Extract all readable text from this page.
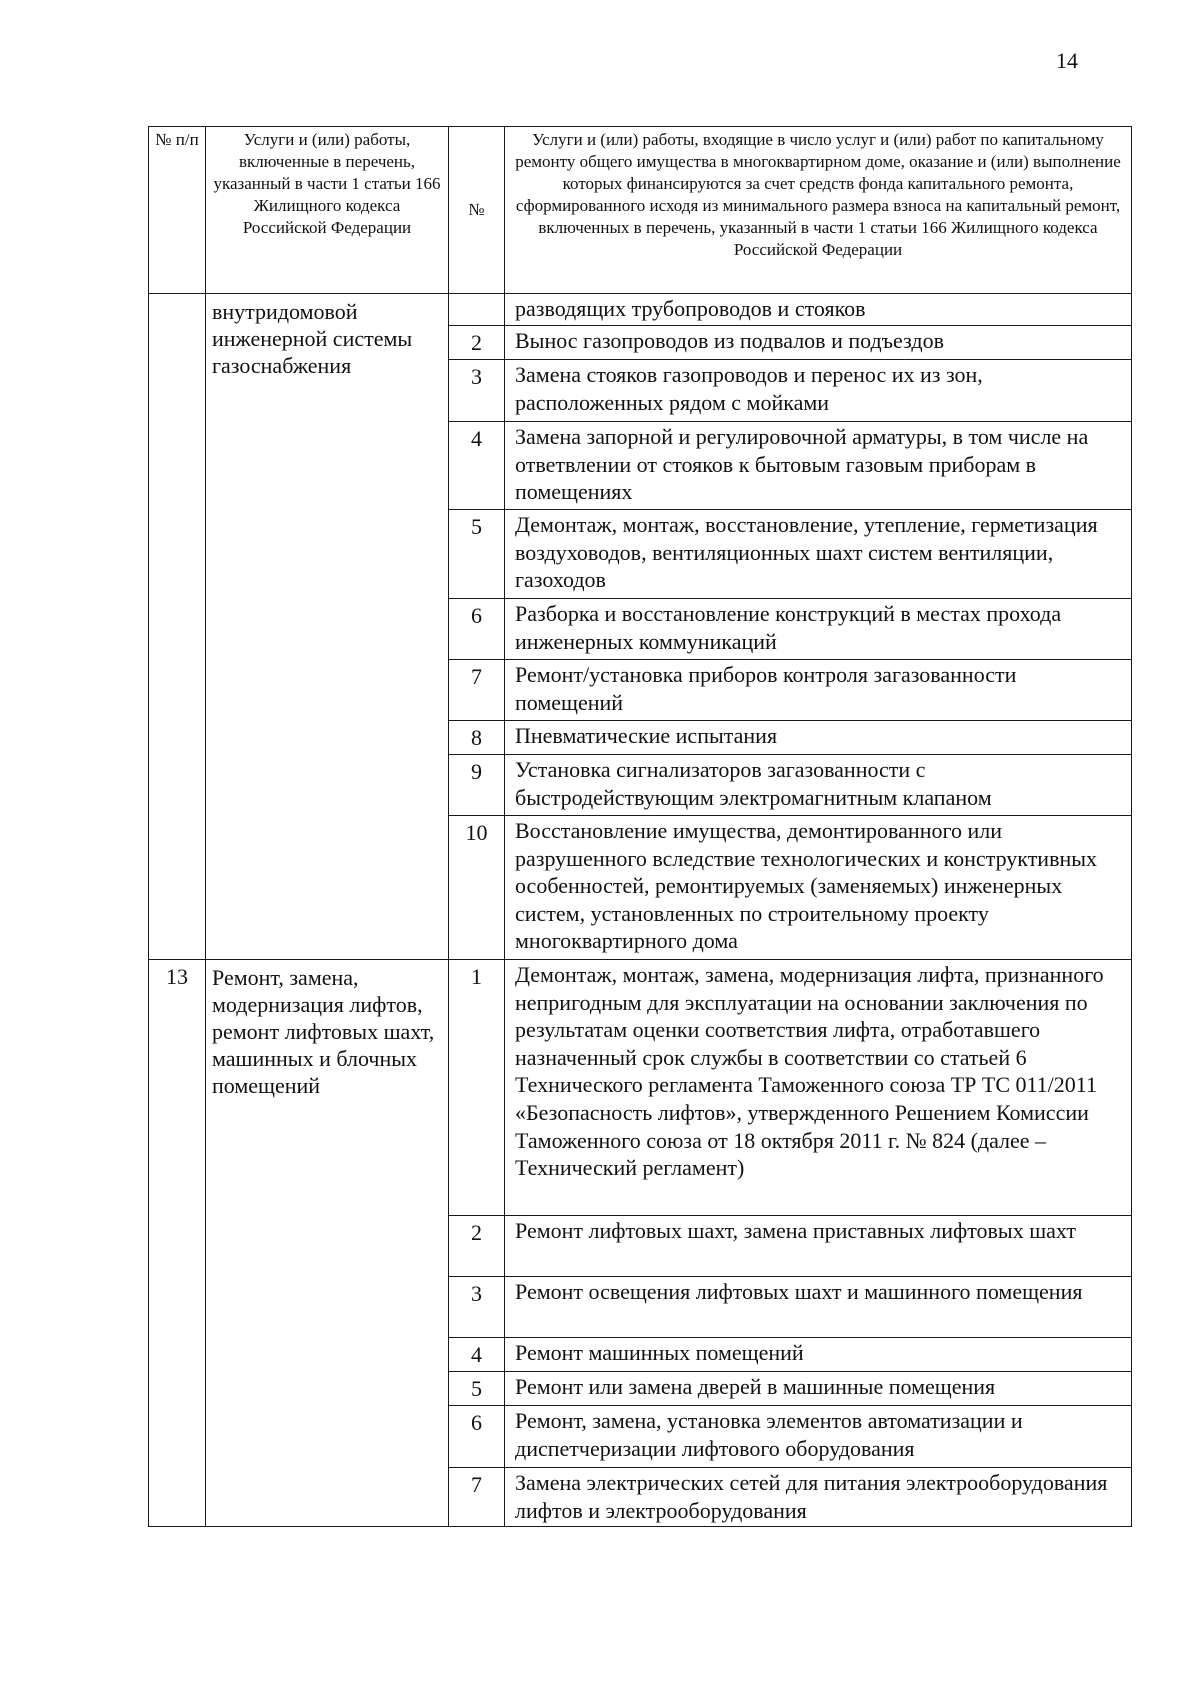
14
№ п/п	Услуги и (или) работы, включенные в перечень, указанный в части 1 статьи 166 Жилищного кодекса Российской Федерации	№	Услуги и (или) работы, входящие в число услуг и (или) работ по капитальному ремонту общего имущества в многоквартирном доме, оказание и (или) выполнение которых финансируются за счет средств фонда капитального ремонта, сформированного исходя из минимального размера взноса на капитальный ремонт, включенных в перечень, указанный в части 1 статьи 166 Жилищного кодекса Российской Федерации
	внутридомовой инженерной системы газоснабжения		разводящих трубопроводов и стояков
		2	Вынос газопроводов из подвалов и подъездов
		3	Замена стояков газопроводов и перенос их из зон, расположенных рядом с мойками
		4	Замена запорной и регулировочной арматуры, в том числе на ответвлении от стояков к бытовым газовым приборам в помещениях
		5	Демонтаж, монтаж, восстановление, утепление, герметизация воздуховодов, вентиляционных шахт систем вентиляции, газоходов
		6	Разборка и восстановление конструкций в местах прохода инженерных коммуникаций
		7	Ремонт/установка приборов контроля загазованности помещений
		8	Пневматические испытания
		9	Установка сигнализаторов загазованности с быстродействующим электромагнитным клапаном
		10	Восстановление имущества, демонтированного или разрушенного вследствие технологических и конструктивных особенностей, ремонтируемых (заменяемых) инженерных систем, установленных по строительному проекту многоквартирного дома
13	Ремонт, замена, модернизация лифтов, ремонт лифтовых шахт, машинных и блочных помещений	1	Демонтаж, монтаж, замена, модернизация лифта, признанного непригодным для эксплуатации на основании заключения по результатам оценки соответствия лифта, отработавшего назначенный срок службы в соответствии со статьей 6 Технического регламента Таможенного союза ТР ТС 011/2011 «Безопасность лифтов», утвержденного Решением Комиссии Таможенного союза от 18 октября 2011 г. № 824 (далее – Технический регламент)
		2	Ремонт лифтовых шахт, замена приставных лифтовых шахт
		3	Ремонт освещения лифтовых шахт и машинного помещения
		4	Ремонт машинных помещений
		5	Ремонт или замена дверей в машинные помещения
		6	Ремонт, замена, установка элементов автоматизации и диспетчеризации лифтового оборудования
		7	Замена электрических сетей для питания электрооборудования лифтов и электрооборудования
